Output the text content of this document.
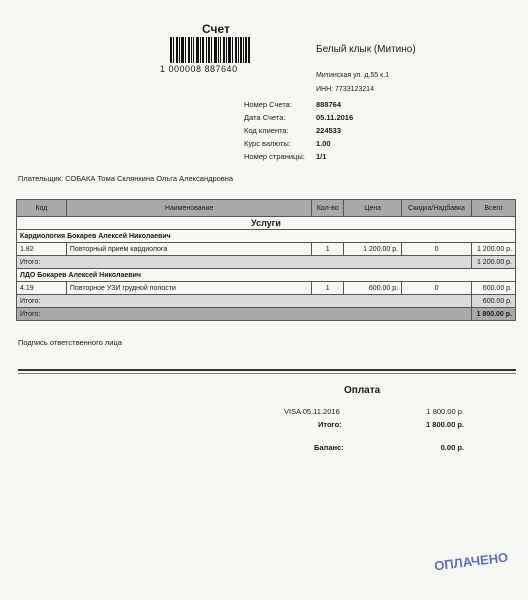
Счет
1 000008 887640
Белый клык (Митино)
Митинская ул. д.55 к.1
ИНН: 7733123214
Номер Счета:	888764
Дата Счета:	05.11.2016
Код клиента:	224533
Курс валюты:	1.00
Номер страницы: 1/1
Плательщик: СОБАКА Тома Склянкина Ольга Александровна
Код	Наименование	Кол-во	Цена	Скидка/Надбавка	Всего
Услуги					
Кардиология Бокарев Алексей Николаевич					
1.82	Повторный прием кардиолога	1	1 200.00 р.	0	1 200.00 р.
Итого:					1 200.00 р.
ЛДО Бокарев Алексей Николаевич					
4.19	Повторное УЗИ грудной полости	1	600.00 р.	0	600.00 р.
Итого:					600.00 р.
Итого:					1 800.00 р.
Подпись ответственного лица
Оплата
VISA 05.11.2016	1 800.00 р.
Итого:	1 800.00 р.
Баланс:	0.00 р.
ОПЛАЧЕНО
